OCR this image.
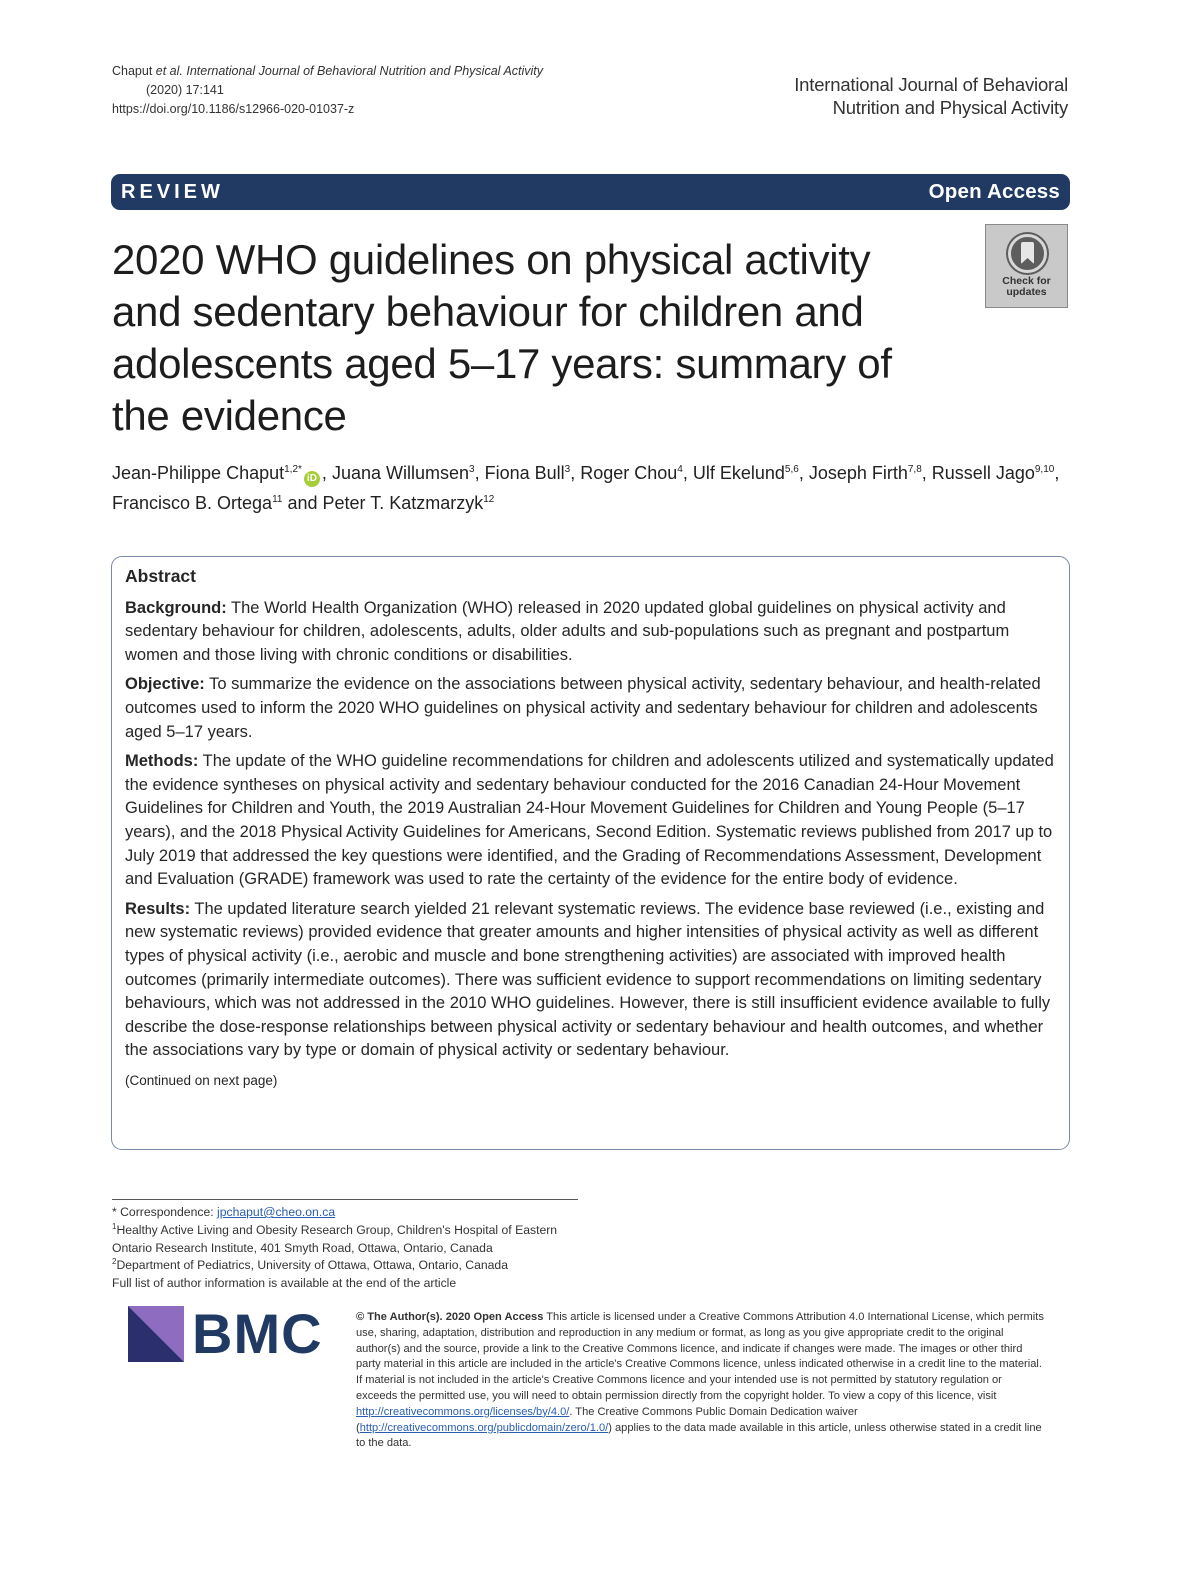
Chaput et al. International Journal of Behavioral Nutrition and Physical Activity
(2020) 17:141
https://doi.org/10.1186/s12966-020-01037-z
International Journal of Behavioral
Nutrition and Physical Activity
REVIEW	Open Access
2020 WHO guidelines on physical activity and sedentary behaviour for children and adolescents aged 5–17 years: summary of the evidence
Check for
updates
Jean-Philippe Chaput$^{1,2*}$iD , Juana Willumsen$^3$, Fiona Bull$^3$, Roger Chou$^4$, Ulf Ekelund$^{5,6}$, Joseph Firth$^{7,8}$, Russell Jago$^{9,10}$, Francisco B. Ortega$^{11}$ and Peter T. Katzmarzyk$^{12}$
Abstract

Background: The World Health Organization (WHO) released in 2020 updated global guidelines on physical activity and sedentary behaviour for children, adolescents, adults, older adults and sub-populations such as pregnant and postpartum women and those living with chronic conditions or disabilities.

Objective: To summarize the evidence on the associations between physical activity, sedentary behaviour, and health-related outcomes used to inform the 2020 WHO guidelines on physical activity and sedentary behaviour for children and adolescents aged 5–17 years.

Methods: The update of the WHO guideline recommendations for children and adolescents utilized and systematically updated the evidence syntheses on physical activity and sedentary behaviour conducted for the 2016 Canadian 24-Hour Movement Guidelines for Children and Youth, the 2019 Australian 24-Hour Movement Guidelines for Children and Young People (5–17 years), and the 2018 Physical Activity Guidelines for Americans, Second Edition. Systematic reviews published from 2017 up to July 2019 that addressed the key questions were identified, and the Grading of Recommendations Assessment, Development and Evaluation (GRADE) framework was used to rate the certainty of the evidence for the entire body of evidence.

Results: The updated literature search yielded 21 relevant systematic reviews. The evidence base reviewed (i.e., existing and new systematic reviews) provided evidence that greater amounts and higher intensities of physical activity as well as different types of physical activity (i.e., aerobic and muscle and bone strengthening activities) are associated with improved health outcomes (primarily intermediate outcomes). There was sufficient evidence to support recommendations on limiting sedentary behaviours, which was not addressed in the 2010 WHO guidelines. However, there is still insufficient evidence available to fully describe the dose-response relationships between physical activity or sedentary behaviour and health outcomes, and whether the associations vary by type or domain of physical activity or sedentary behaviour.

(Continued on next page)
* Correspondence: jpchaput@cheo.on.ca
$^1$Healthy Active Living and Obesity Research Group, Children's Hospital of Eastern Ontario Research Institute, 401 Smyth Road, Ottawa, Ontario, Canada
$^2$Department of Pediatrics, University of Ottawa, Ottawa, Ontario, Canada
Full list of author information is available at the end of the article
BMC	© The Author(s). 2020 Open Access This article is licensed under a Creative Commons Attribution 4.0 International License, which permits use, sharing, adaptation, distribution and reproduction in any medium or format, as long as you give appropriate credit to the original author(s) and the source, provide a link to the Creative Commons licence, and indicate if changes were made. The images or other third party material in this article are included in the article's Creative Commons licence, unless indicated otherwise in a credit line to the material. If material is not included in the article's Creative Commons licence and your intended use is not permitted by statutory regulation or exceeds the permitted use, you will need to obtain permission directly from the copyright holder. To view a copy of this licence, visit http://creativecommons.org/licenses/by/4.0/. The Creative Commons Public Domain Dedication waiver (http://creativecommons.org/publicdomain/zero/1.0/) applies to the data made available in this article, unless otherwise stated in a credit line to the data.
